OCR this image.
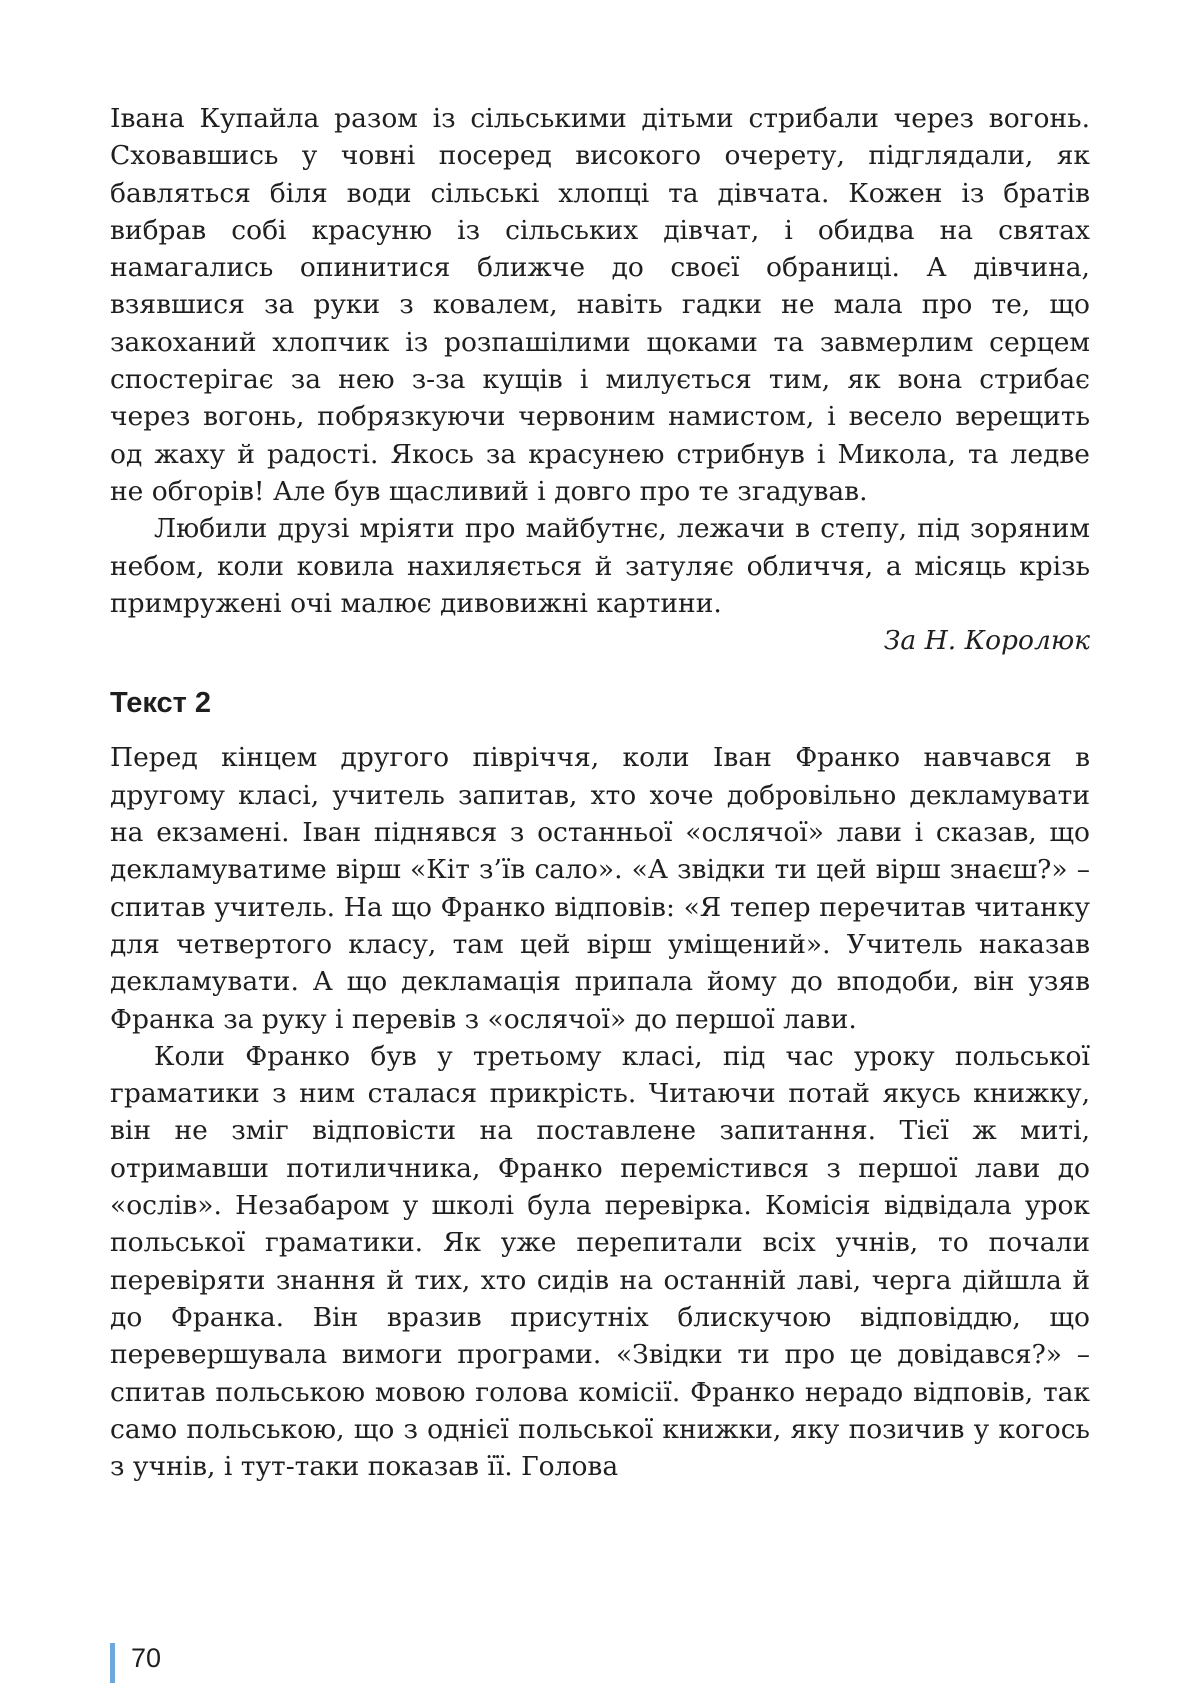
Івана Купайла разом із сільськими дітьми стрибали через вогонь. Сховавшись у човні посеред високого очерету, підглядали, як бавляться біля води сільські хлопці та дівчата. Кожен із братів вибрав собі красуню із сільських дівчат, і обидва на святах намагались опинитися ближче до своєї обраниці. А дівчина, взявшися за руки з ковалем, навіть гадки не мала про те, що закоханий хлопчик із розпашілими щоками та завмерлим серцем спостерігає за нею з-за кущів і милується тим, як вона стрибає через вогонь, побрязкуючи червоним намистом, і весело верещить од жаху й радості. Якось за красунею стрибнув і Микола, та ледве не обгорів! Але був щасливий і довго про те згадував.

Любили друзі мріяти про майбутнє, лежачи в степу, під зоряним небом, коли ковила нахиляється й затуляє обличчя, а місяць крізь примружені очі малює дивовижні картини.

За Н. Королюк

Текст 2

Перед кінцем другого півріччя, коли Іван Франко навчався в другому класі, учитель запитав, хто хоче добровільно декламувати на екзамені. Іван піднявся з останньої «ослячої» лави і сказав, що декламуватиме вірш «Кіт з’їв сало». «А звідки ти цей вірш знаєш?» – спитав учитель. На що Франко відповів: «Я тепер перечитав читанку для четвертого класу, там цей вірш уміщений». Учитель наказав декламувати. А що декламація припала йому до вподоби, він узяв Франка за руку і перевів з «ослячої» до першої лави.

Коли Франко був у третьому класі, під час уроку польської граматики з ним сталася прикрість. Читаючи потай якусь книжку, він не зміг відповісти на поставлене запитання. Тієї ж миті, отримавши потиличника, Франко перемістився з першої лави до «ослів». Незабаром у школі була перевірка. Комісія відвідала урок польської граматики. Як уже перепитали всіх учнів, то почали перевіряти знання й тих, хто сидів на останній лаві, черга дійшла й до Франка. Він вразив присутніх блискучою відповіддю, що перевершувала вимоги програми. «Звідки ти про це довідався?» – спитав польською мовою голова комісії. Франко нерадо відповів, так само польською, що з однієї польської книжки, яку позичив у когось з учнів, і тут-таки показав її. Голова

70
